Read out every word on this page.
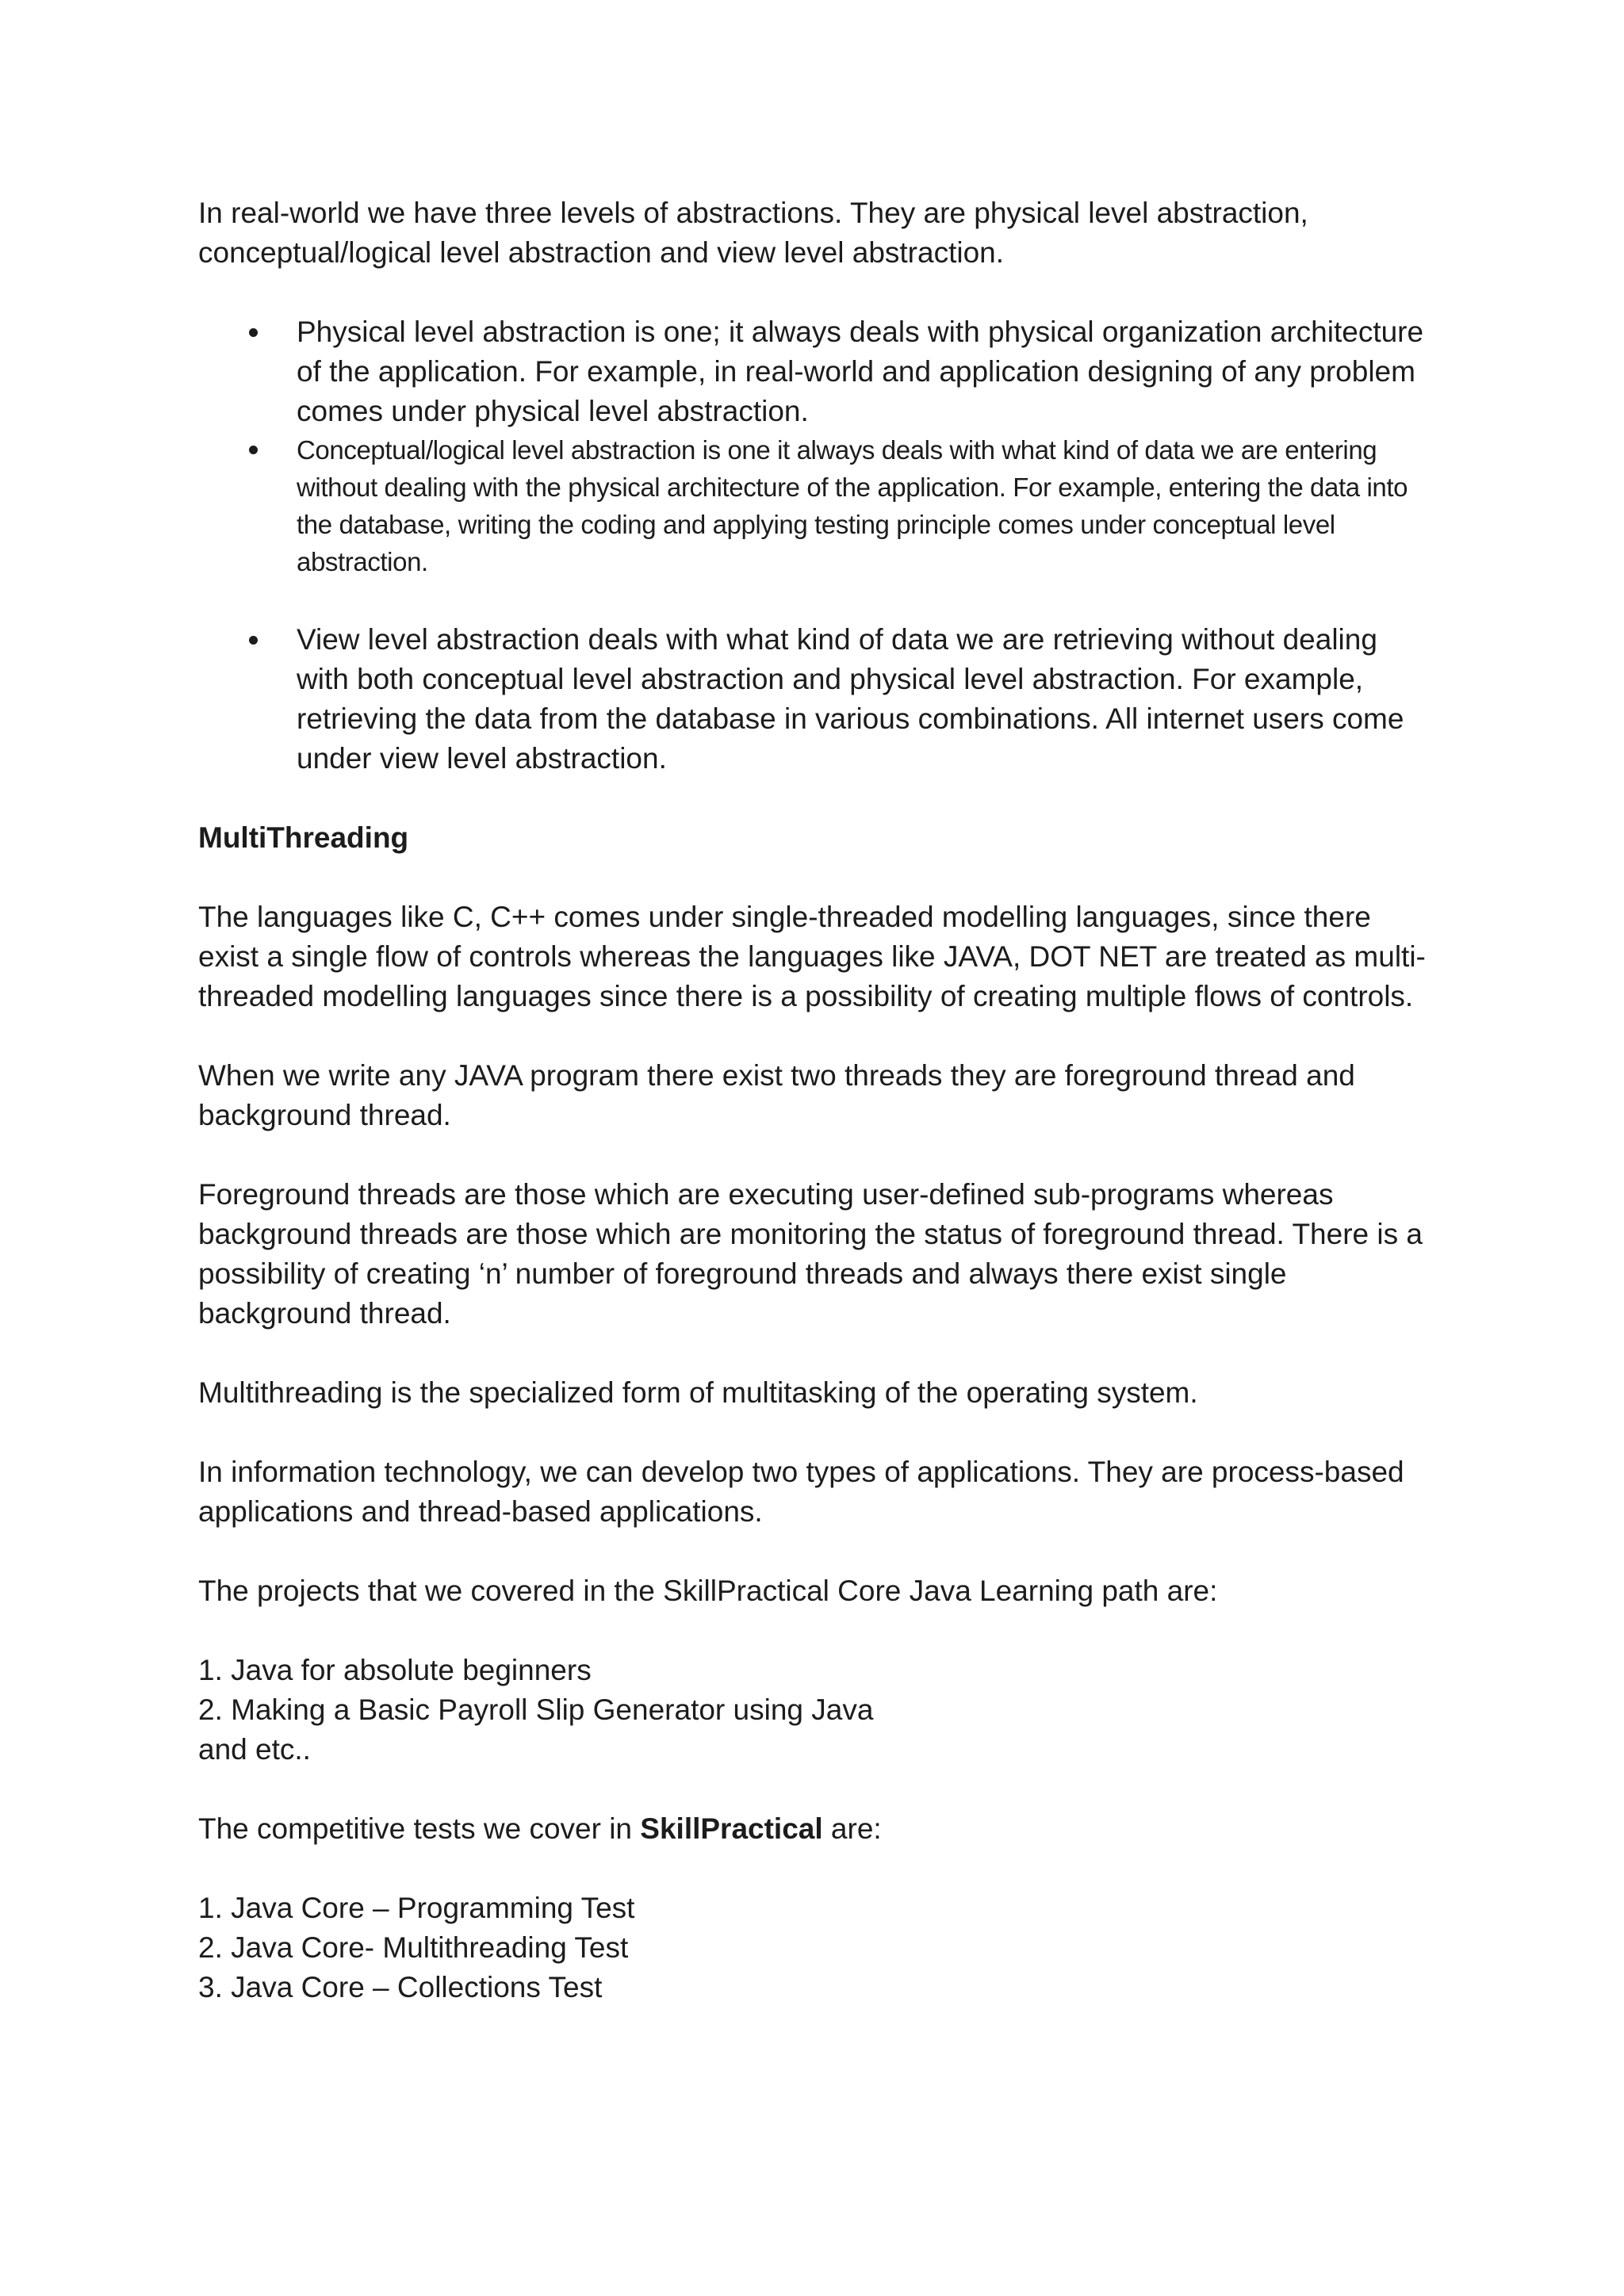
In real-world we have three levels of abstractions. They are physical level abstraction, conceptual/logical level abstraction and view level abstraction.

Physical level abstraction is one; it always deals with physical organization architecture of the application. For example, in real-world and application designing of any problem comes under physical level abstraction.
Conceptual/logical level abstraction is one it always deals with what kind of data we are entering without dealing with the physical architecture of the application. For example, entering the data into the database, writing the coding and applying testing principle comes under conceptual level abstraction.
View level abstraction deals with what kind of data we are retrieving without dealing with both conceptual level abstraction and physical level abstraction. For example, retrieving the data from the database in various combinations. All internet users come under view level abstraction.

MultiThreading

The languages like C, C++ comes under single-threaded modelling languages, since there exist a single flow of controls whereas the languages like JAVA, DOT NET are treated as multi-threaded modelling languages since there is a possibility of creating multiple flows of controls.

When we write any JAVA program there exist two threads they are foreground thread and background thread.

Foreground threads are those which are executing user-defined sub-programs whereas background threads are those which are monitoring the status of foreground thread. There is a possibility of creating ‘n’ number of foreground threads and always there exist single background thread.

Multithreading is the specialized form of multitasking of the operating system.

In information technology, we can develop two types of applications. They are process-based applications and thread-based applications.

The projects that we covered in the SkillPractical Core Java Learning path are:

1. Java for absolute beginners
2. Making a Basic Payroll Slip Generator using Java
and etc..

The competitive tests we cover in SkillPractical are:

1. Java Core – Programming Test
2. Java Core- Multithreading Test
3. Java Core – Collections Test
